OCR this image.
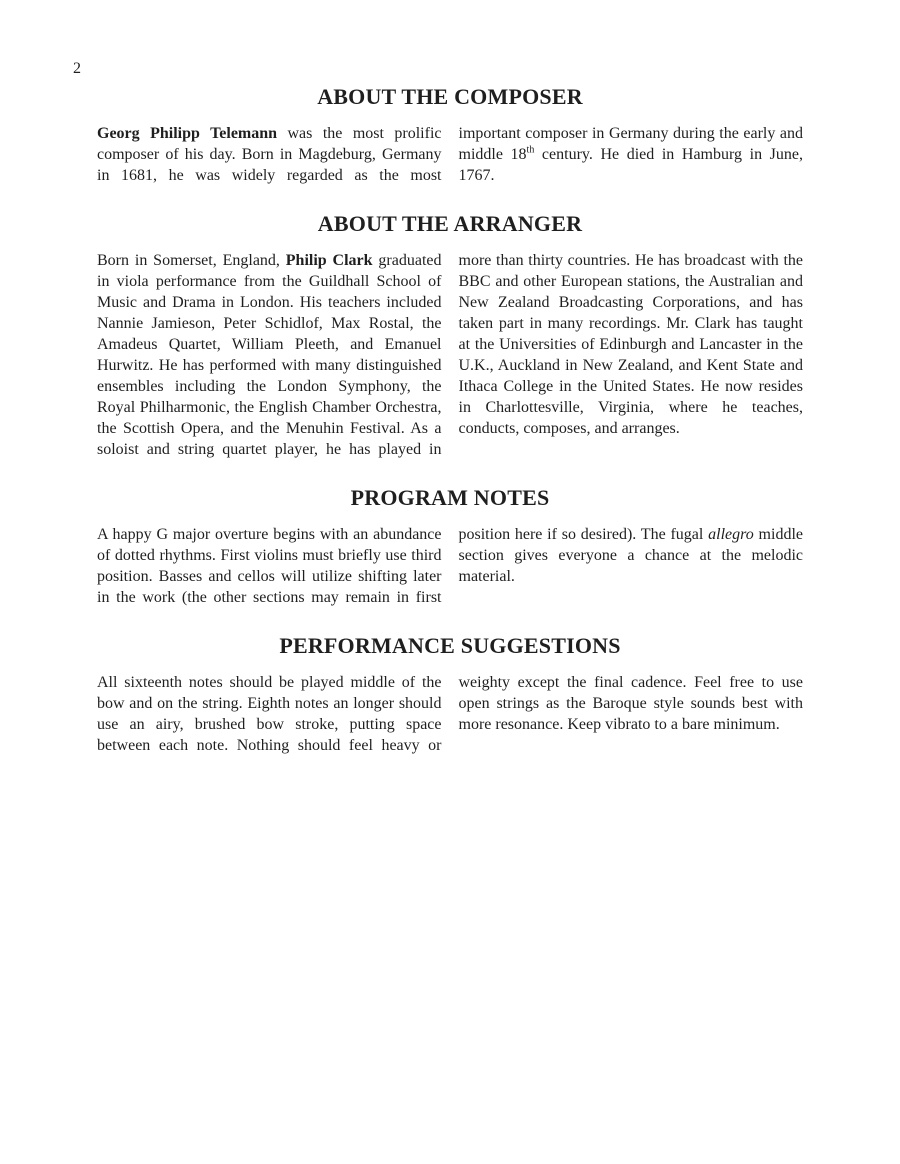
2
ABOUT THE COMPOSER

Georg Philipp Telemann was the most prolific composer of his day. Born in Magdeburg, Germany in 1681, he was widely regarded as the most important composer in Germany during the early and middle 18th century. He died in Hamburg in June, 1767.

ABOUT THE ARRANGER

Born in Somerset, England, Philip Clark graduated in viola performance from the Guildhall School of Music and Drama in London. His teachers included Nannie Jamieson, Peter Schidlof, Max Rostal, the Amadeus Quartet, William Pleeth, and Emanuel Hurwitz. He has performed with many distinguished ensembles including the London Symphony, the Royal Philharmonic, the English Chamber Orchestra, the Scottish Opera, and the Menuhin Festival. As a soloist and string quartet player, he has played in more than thirty countries. He has broadcast with the BBC and other European stations, the Australian and New Zealand Broadcasting Corporations, and has taken part in many recordings. Mr. Clark has taught at the Universities of Edinburgh and Lancaster in the U.K., Auckland in New Zealand, and Kent State and Ithaca College in the United States. He now resides in Charlottesville, Virginia, where he teaches, conducts, composes, and arranges.

PROGRAM NOTES

A happy G major overture begins with an abundance of dotted rhythms. First violins must briefly use third position. Basses and cellos will utilize shifting later in the work (the other sections may remain in first position here if so desired). The fugal allegro middle section gives everyone a chance at the melodic material.

PERFORMANCE SUGGESTIONS

All sixteenth notes should be played middle of the bow and on the string. Eighth notes an longer should use an airy, brushed bow stroke, putting space between each note. Nothing should feel heavy or weighty except the final cadence. Feel free to use open strings as the Baroque style sounds best with more resonance. Keep vibrato to a bare minimum.
